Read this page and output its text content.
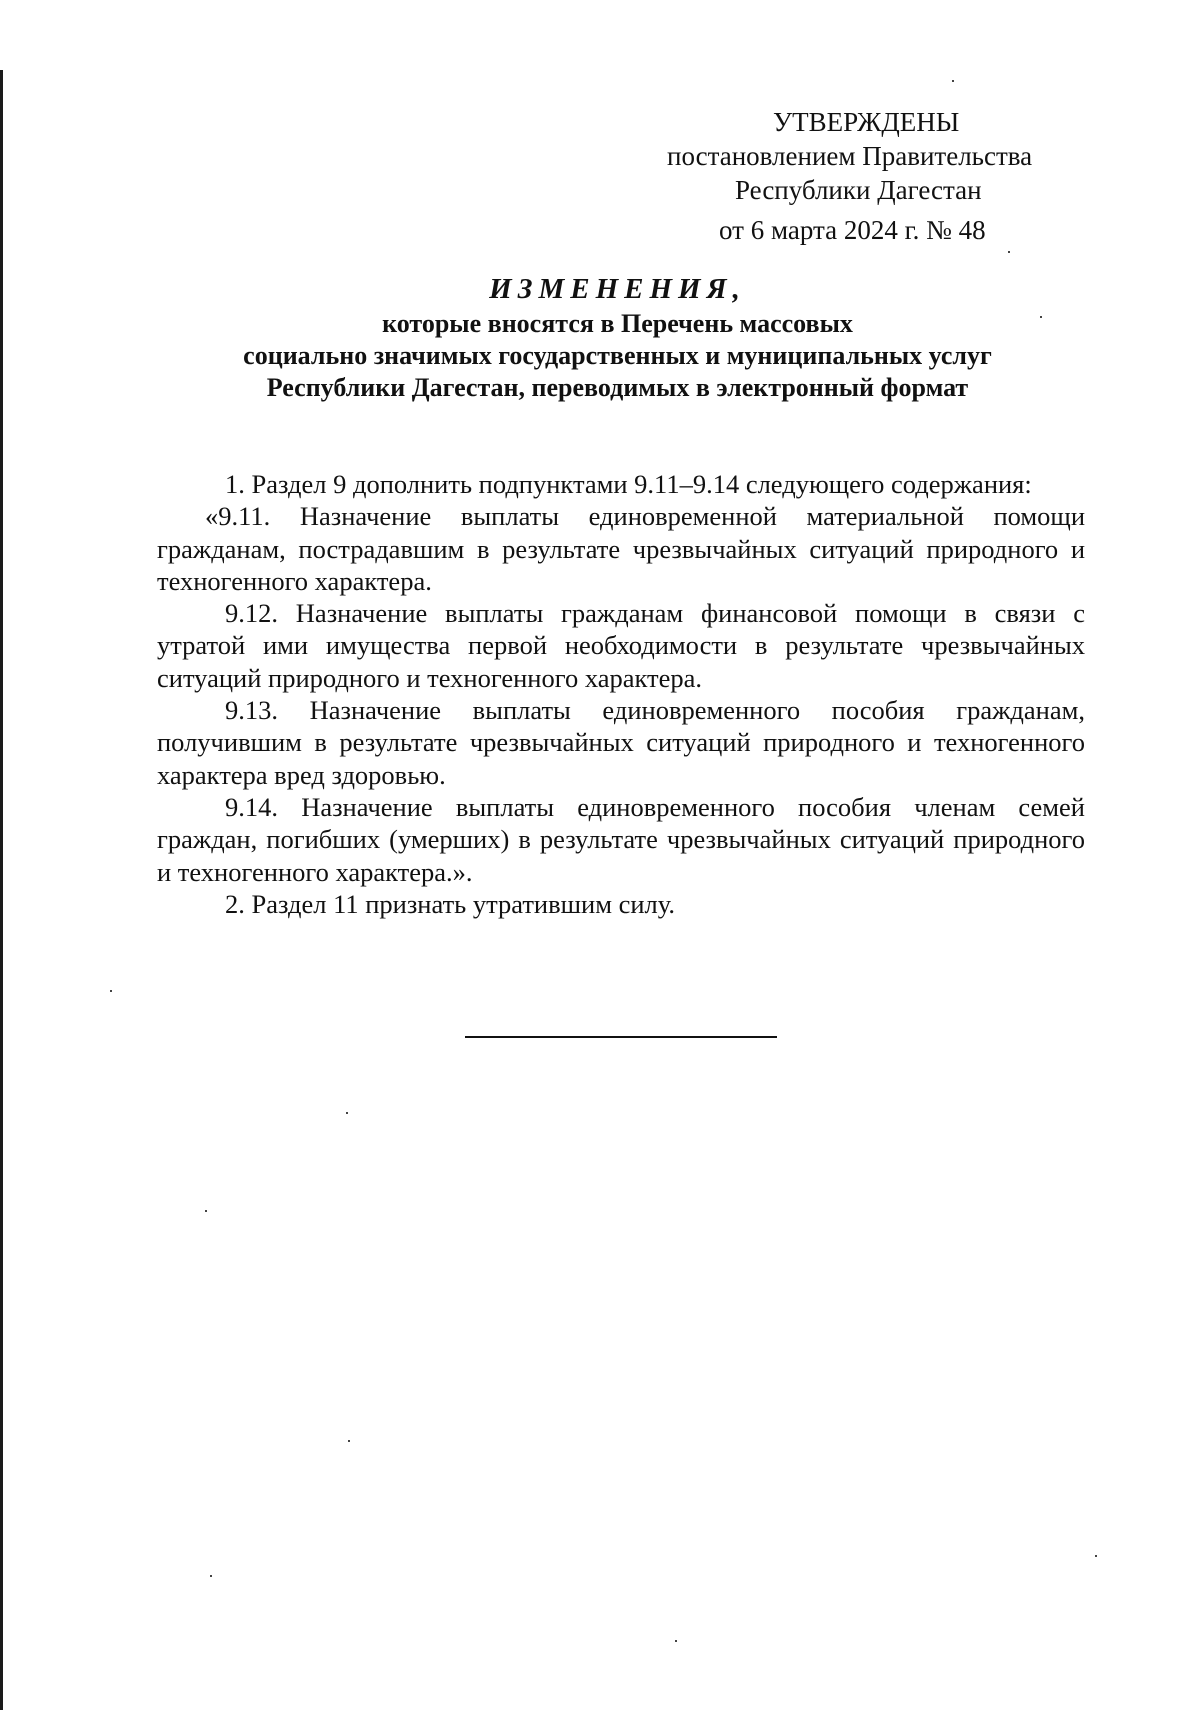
УТВЕРЖДЕНЫ
постановлением Правительства
Республики Дагестан
от 6 марта 2024 г. № 48
ИЗМЕНЕНИЯ,
которые вносятся в Перечень массовых
социально значимых государственных и муниципальных услуг
Республики Дагестан, переводимых в электронный формат

1. Раздел 9 дополнить подпунктами 9.11–9.14 следующего содержания:

«9.11. Назначение выплаты единовременной материальной помощи гражданам, пострадавшим в результате чрезвычайных ситуаций природного и техногенного характера.

9.12. Назначение выплаты гражданам финансовой помощи в связи с утратой ими имущества первой необходимости в результате чрезвычайных ситуаций природного и техногенного характера.

9.13. Назначение выплаты единовременного пособия гражданам, получившим в результате чрезвычайных ситуаций природного и техногенного характера вред здоровью.

9.14. Назначение выплаты единовременного пособия членам семей граждан, погибших (умерших) в результате чрезвычайных ситуаций природного и техногенного характера.».

2. Раздел 11 признать утратившим силу.
